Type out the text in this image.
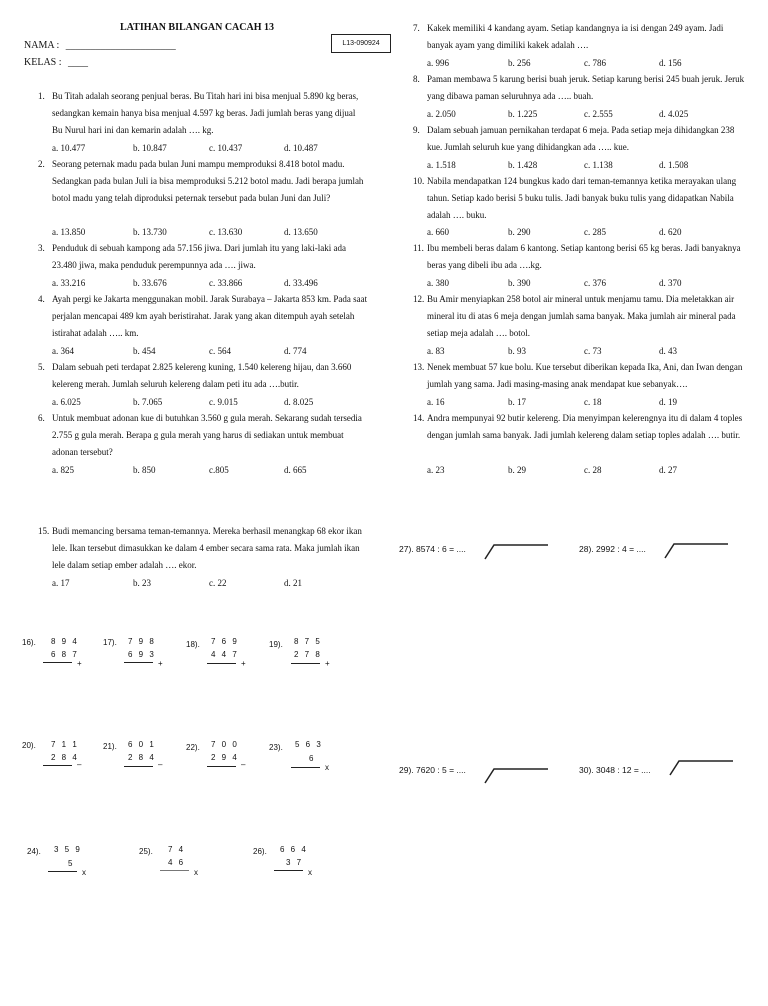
LATIHAN BILANGAN CACAH 13
NAMA : ______________________
KELAS : ____
L13-090924
1. Bu Titah adalah seorang penjual beras. Bu Titah hari ini bisa menjual 5.890 kg beras, sedangkan kemain hanya bisa menjual 4.597 kg beras. Jadi jumlah beras yang dijual Bu Nurul hari ini dan kemarin adalah …. kg.
a. 10.477	b. 10.847	c. 10.437	d. 10.487
2. Seorang peternak madu pada bulan Juni mampu memproduksi 8.418 botol madu. Sedangkan pada bulan Juli ia bisa memproduksi 5.212 botol madu. Jadi berapa jumlah botol madu yang telah diproduksi peternak tersebut pada bulan Juni dan Juli?
a. 13.850	b. 13.730	c. 13.630	d. 13.650
3. Penduduk di sebuah kampong ada 57.156 jiwa. Dari jumlah itu yang laki-laki ada 23.480 jiwa, maka penduduk perempunnya ada …. jiwa.
a. 33.216	b. 33.676	c. 33.866	d. 33.496
4. Ayah pergi ke Jakarta menggunakan mobil. Jarak Surabaya – Jakarta 853 km. Pada saat perjalan mencapai 489 km ayah beristirahat. Jarak yang akan ditempuh ayah setelah istirahat adalah ….. km.
a. 364	b. 454	c. 564	d. 774
5. Dalam sebuah peti terdapat 2.825 kelereng kuning, 1.540 kelereng hijau, dan 3.660 kelereng merah. Jumlah seluruh kelereng dalam peti itu ada ….butir.
a. 6.025	b. 7.065	c. 9.015	d. 8.025
6. Untuk membuat adonan kue di butuhkan 3.560 g gula merah. Sekarang sudah tersedia 2.755 g gula merah. Berapa g gula merah yang harus di sediakan untuk membuat adonan tersebut?
a. 825	b. 850	c.805	d. 665
7. Kakek memiliki 4 kandang ayam. Setiap kandangnya ia isi dengan 249 ayam. Jadi banyak ayam yang dimiliki kakek adalah ….
a. 996	b. 256	c. 786	d. 156
8. Paman membawa 5 karung berisi buah jeruk. Setiap karung berisi 245 buah jeruk. Jeruk yang dibawa paman seluruhnya ada ….. buah.
a. 2.050	b. 1.225	c. 2.555	d. 4.025
9. Dalam sebuah jamuan pernikahan terdapat 6 meja. Pada setiap meja dihidangkan 238 kue. Jumlah seluruh kue yang dihidangkan ada ….. kue.
a. 1.518	b. 1.428	c. 1.138	d. 1.508
10. Nabila mendapatkan 124 bungkus kado dari teman-temannya ketika merayakan ulang tahun. Setiap kado berisi 5 buku tulis. Jadi banyak buku tulis yang didapatkan Nabila adalah …. buku.
a. 660	b. 290	c. 285	d. 620
11. Ibu membeli beras dalam 6 kantong. Setiap kantong berisi 65 kg beras. Jadi banyaknya beras yang dibeli ibu ada ….kg.
a. 380	b. 390	c. 376	d. 370
12. Bu Amir menyiapkan 258 botol air mineral untuk menjamu tamu. Dia meletakkan air mineral itu di atas 6 meja dengan jumlah sama banyak. Maka jumlah air mineral pada setiap meja adalah …. botol.
a. 83	b. 93	c. 73	d. 43
13. Nenek membuat 57 kue bolu. Kue tersebut diberikan kepada Ika, Ani, dan Iwan dengan jumlah yang sama. Jadi masing-masing anak mendapat kue sebanyak….
a. 16	b. 17	c. 18	d. 19
14. Andra mempunyai 92 butir kelereng. Dia menyimpan kelerengnya itu di dalam 4 toples dengan jumlah sama banyak. Jadi jumlah kelereng dalam setiap toples adalah …. butir.
a. 23	b. 29	c. 28	d. 27
15. Budi memancing bersama teman-temannya. Mereka berhasil menangkap 68 ekor ikan lele. Ikan tersebut dimasukkan ke dalam 4 ember secara sama rata. Maka jumlah ikan lele dalam setiap ember adalah …. ekor.
a. 17	b. 23	c. 22	d. 21
27). 8574 : 6 = ....	28). 2992 : 4 = ....
29). 7620 : 5 = ....	30). 3048 : 12 = ....
16). 8 9 4
6 8 7
+
17). 7 9 8
6 9 3
+
18). 7 6 9
4 4 7
+
19). 8 7 5
2 7 8
+
20). 7 1 1
2 8 4
–
21). 6 0 1
2 8 4
–
22). 7 0 0
2 9 4
–
23). 5 6 3
6
x
24). 3 5 9
5
x
25). 7 4
4 6
x
26). 6 6 4
3 7
x
